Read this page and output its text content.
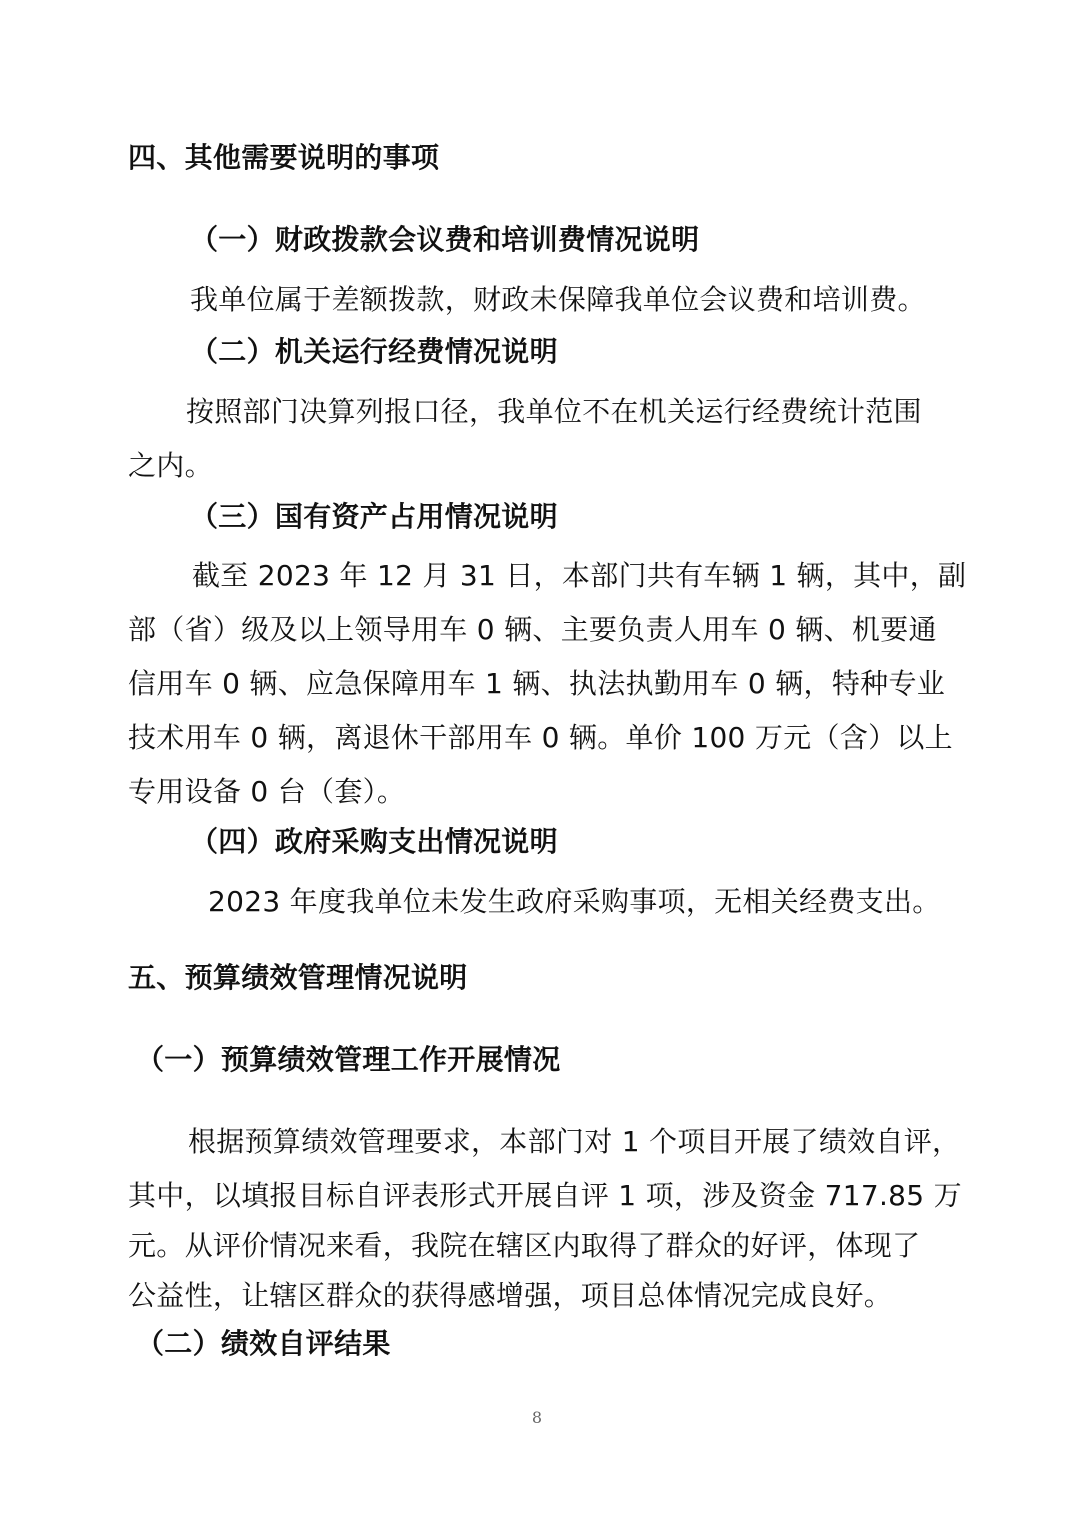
四、其他需要说明的事项
（一）财政拨款会议费和培训费情况说明
我单位属于差额拨款，财政未保障我单位会议费和培训费。
（二）机关运行经费情况说明
按照部门决算列报口径，我单位不在机关运行经费统计范围
之内。
（三）国有资产占用情况说明
截至 2023 年 12 月 31 日，本部门共有车辆 1 辆，其中，副
部（省）级及以上领导用车 0 辆、主要负责人用车 0 辆、机要通
信用车 0 辆、应急保障用车 1 辆、执法执勤用车 0 辆，特种专业
技术用车 0 辆，离退休干部用车 0 辆。单价 100 万元（含）以上
专用设备 0 台（套）。
（四）政府采购支出情况说明
2023 年度我单位未发生政府采购事项，无相关经费支出。
五、预算绩效管理情况说明
（一）预算绩效管理工作开展情况
根据预算绩效管理要求，本部门对 1 个项目开展了绩效自评，
其中，以填报目标自评表形式开展自评 1 项，涉及资金 717.85 万
元。从评价情况来看，我院在辖区内取得了群众的好评，体现了
公益性，让辖区群众的获得感增强，项目总体情况完成良好。
（二）绩效自评结果
8
